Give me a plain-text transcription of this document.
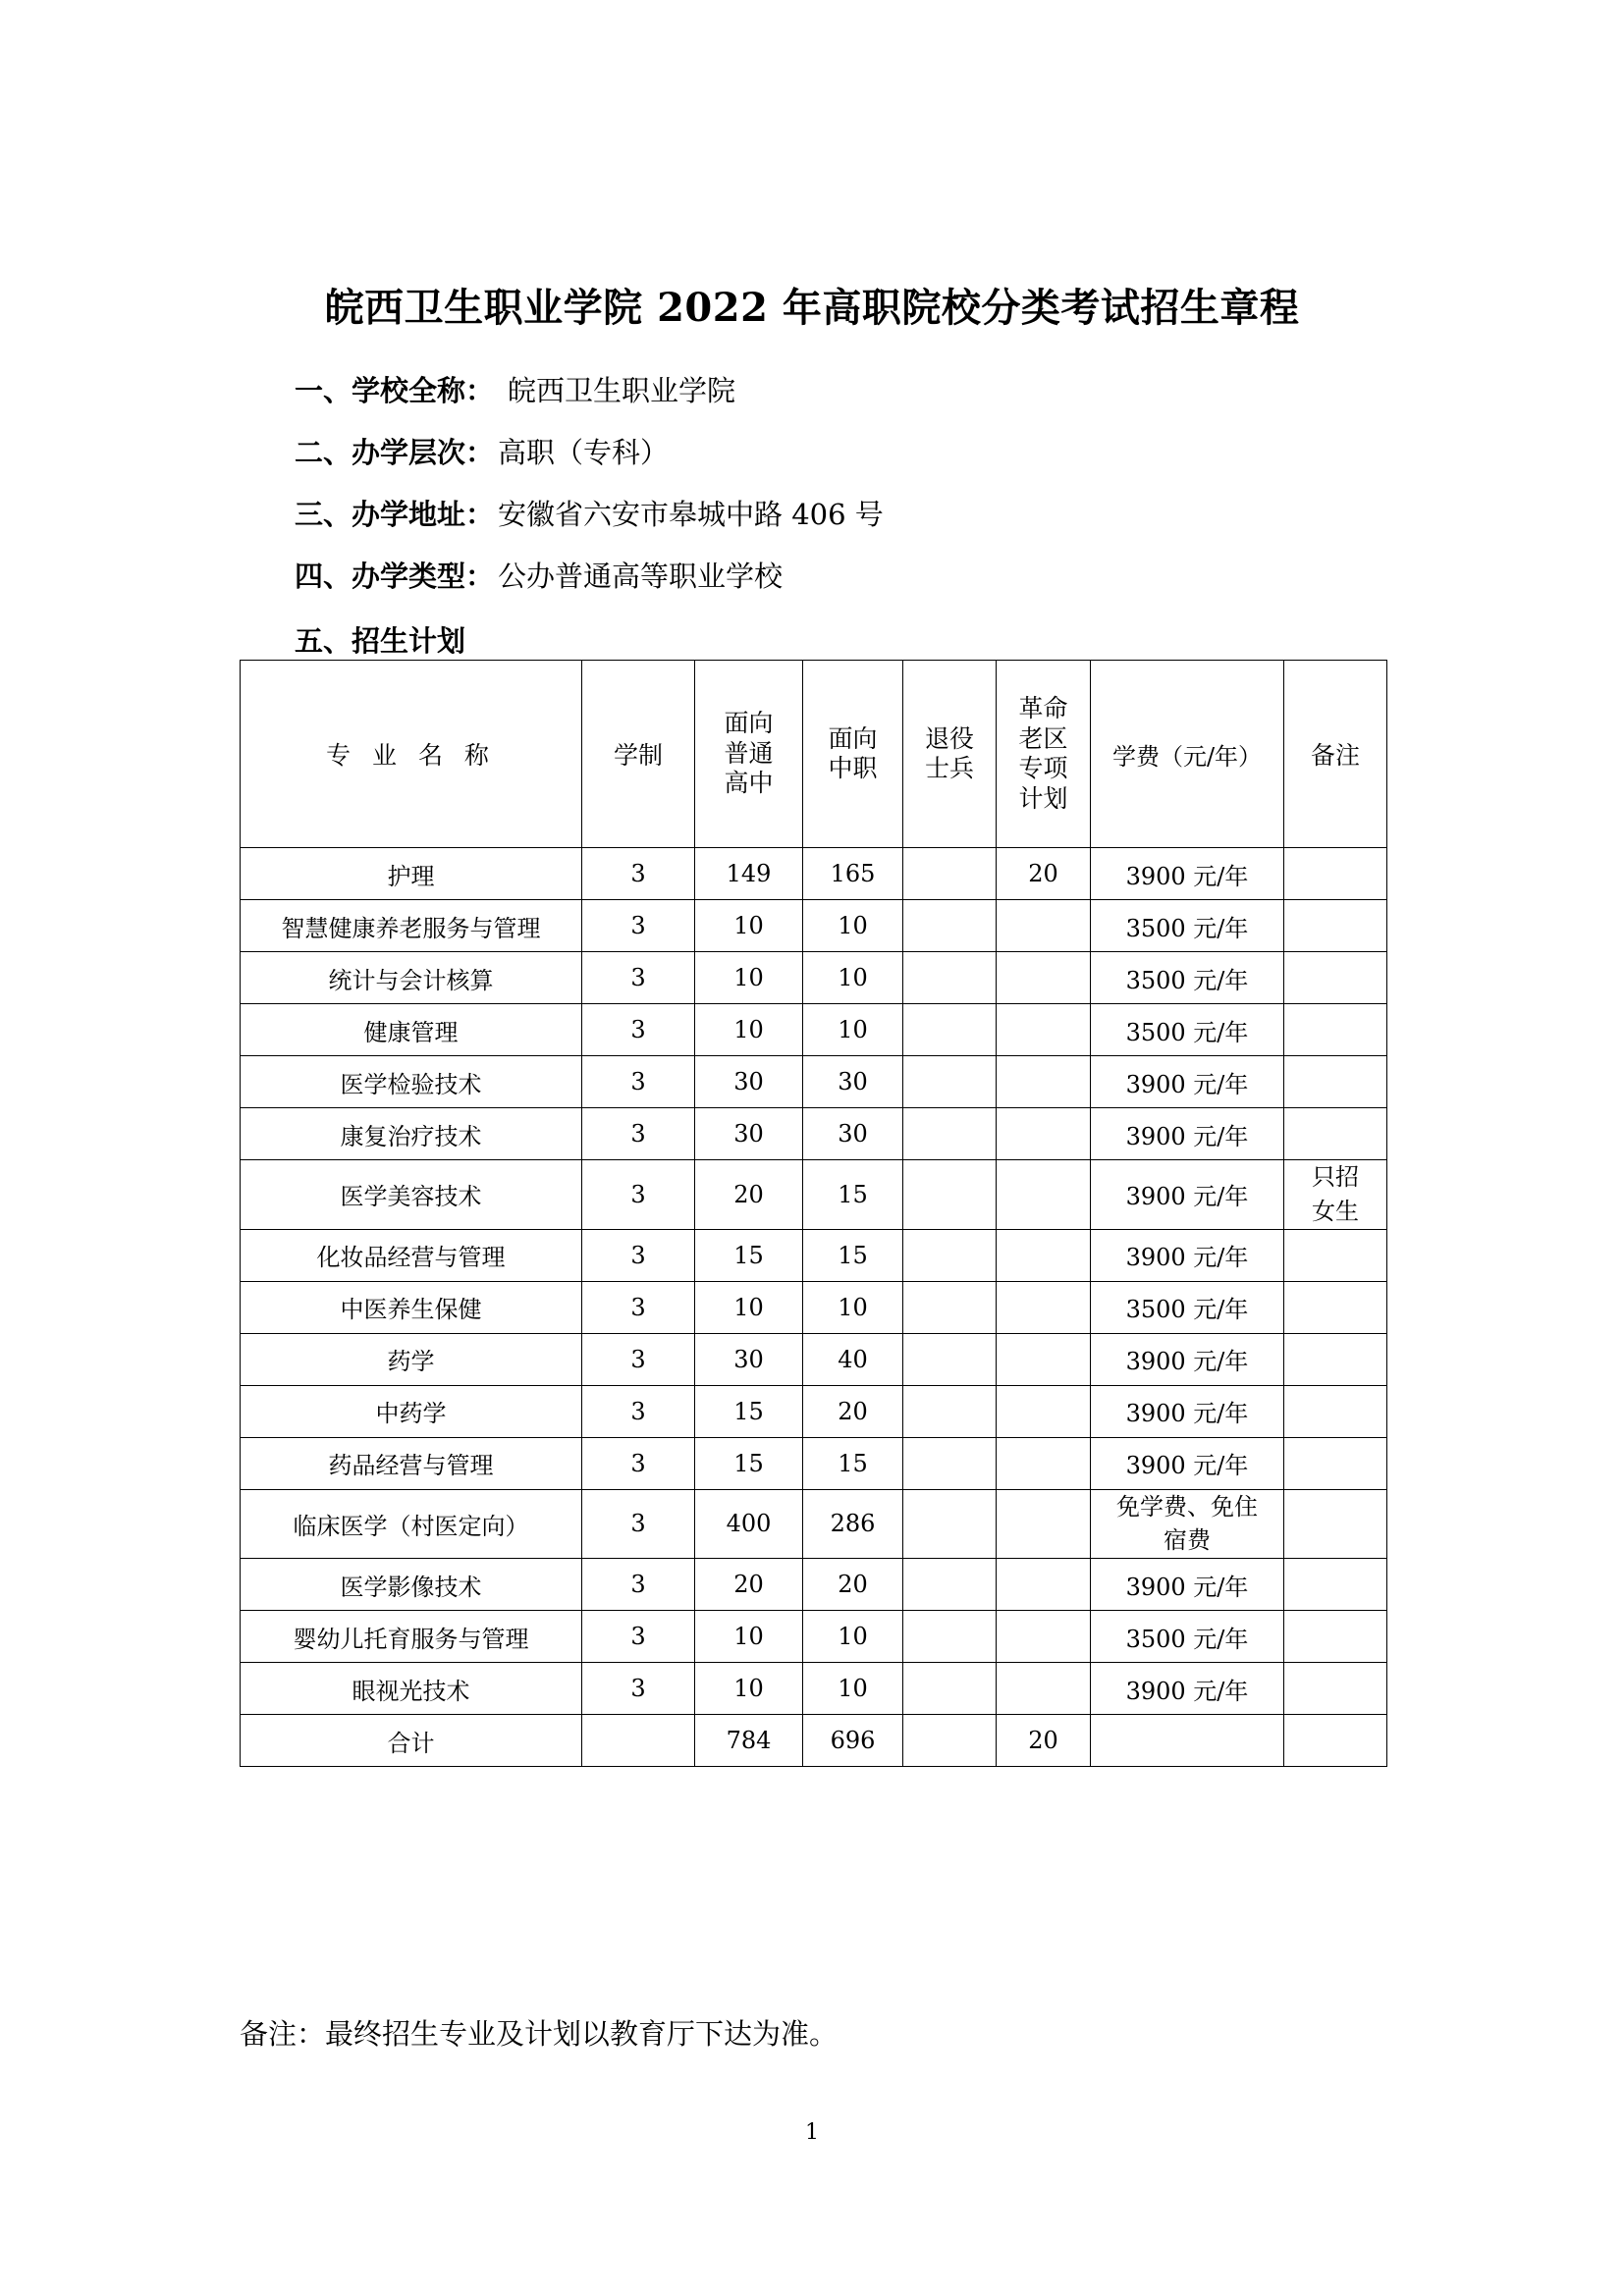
皖西卫生职业学院 2022 年高职院校分类考试招生章程
一、学校全称： 皖西卫生职业学院
二、办学层次： 高职（专科）
三、办学地址： 安徽省六安市皋城中路 406 号
四、办学类型： 公办普通高等职业学校
五、招生计划
专 业 名 称	学制	面向
普通
高中	面向
中职	退役
士兵	革命
老区
专项
计划	学费（元/年）	备注
护理	3	149	165		20	3900 元/年	
智慧健康养老服务与管理	3	10	10			3500 元/年	
统计与会计核算	3	10	10			3500 元/年	
健康管理	3	10	10			3500 元/年	
医学检验技术	3	30	30			3900 元/年	
康复治疗技术	3	30	30			3900 元/年	
医学美容技术	3	20	15			3900 元/年	只招
女生

化妆品经营与管理	3	15	15			3900 元/年	
中医养生保健	3	10	10			3500 元/年	
药学	3	30	40			3900 元/年	
中药学	3	15	20			3900 元/年	
药品经营与管理	3	15	15			3900 元/年	
临床医学（村医定向）	3	400	286			免学费、免住
宿费	

医学影像技术	3	20	20			3900 元/年	
婴幼儿托育服务与管理	3	10	10			3500 元/年	
眼视光技术	3	10	10			3900 元/年	
合计		784	696		20		
备注：最终招生专业及计划以教育厅下达为准。
1
